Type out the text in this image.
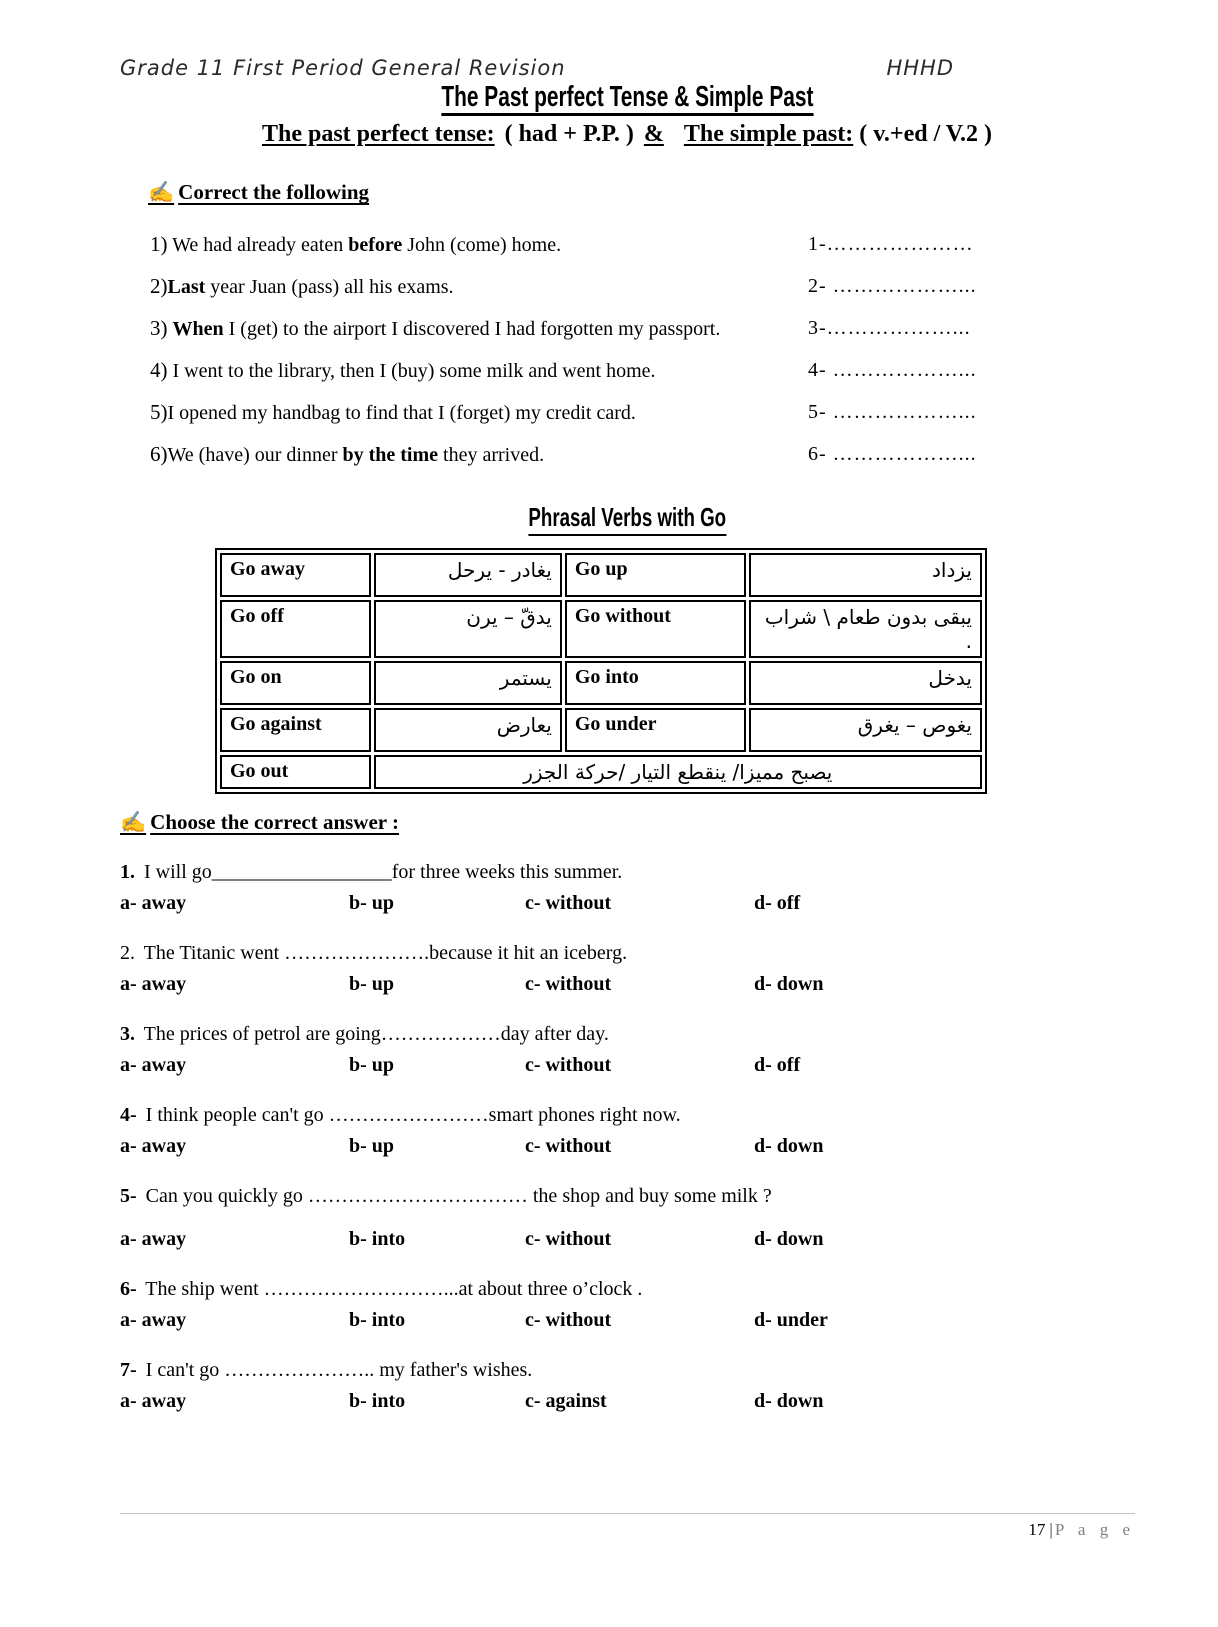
Grade 11 First Period General Revision	HHHD
The Past perfect Tense & Simple Past
The past perfect tense: ( had + P.P. ) & The simple past: ( v.+ed / V.2 )
✍ Correct the following
1) We had already eaten before John (come) home.	1-…………………
2)Last year Juan (pass) all his exams.	2- ………………...
3) When I (get) to the airport I discovered I had forgotten my passport.	3-………………...
4) I went to the library, then I (buy) some milk and went home.	4- ………………...
5)I opened my handbag to find that I (forget) my credit card.	5- ………………...
6)We (have) our dinner by the time they arrived.	6- ………………...
Phrasal Verbs with Go
Go away	يغادر - يرحل	Go up	يزداد
Go off	يدقّ – يرن	Go without	يبقى بدون طعام \ شراب .
Go on	يستمر	Go into	يدخل
Go against	يعارض	Go under	يغوص – يغرق
Go out	يصبح مميزا/ ينقطع التيار /حركة الجزر		
✍ Choose the correct answer :
1. I will go__________________for three weeks this summer.
a- away	b- up	c- without	d- off
2. The Titanic went ………………….because it hit an iceberg.
a- away	b- up	c- without	d- down
3. The prices of petrol are going………………day after day.
a- away	b- up	c- without	d- off
4- I think people can't go ……………………smart phones right now.
a- away	b- up	c- without	d- down
5- Can you quickly go …………………………… the shop and buy some milk ?
a- away	b- into	c- without	d- down
6- The ship went ………………………...at about three o’clock .
a- away	b- into	c- without	d- under
7- I can't go ………………….. my father's wishes.
a- away	b- into	c- against	d- down
17 | P a g e
